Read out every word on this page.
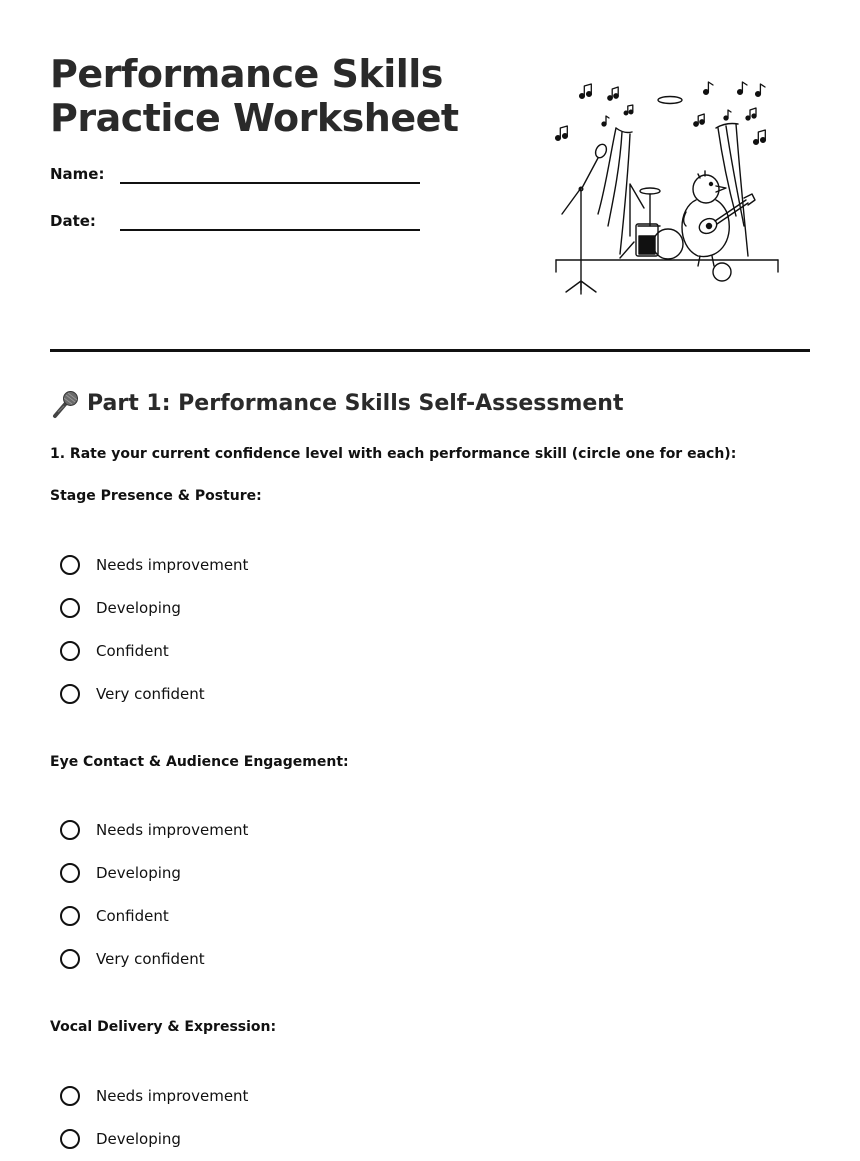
Performance Skills
Practice Worksheet
Name:
Date:
Part 1: Performance Skills Self-Assessment
1. Rate your current confidence level with each performance skill (circle one for each):
Stage Presence & Posture:
Needs improvement
Developing
Confident
Very confident
Eye Contact & Audience Engagement:
Needs improvement
Developing
Confident
Very confident
Vocal Delivery & Expression:
Needs improvement
Developing
